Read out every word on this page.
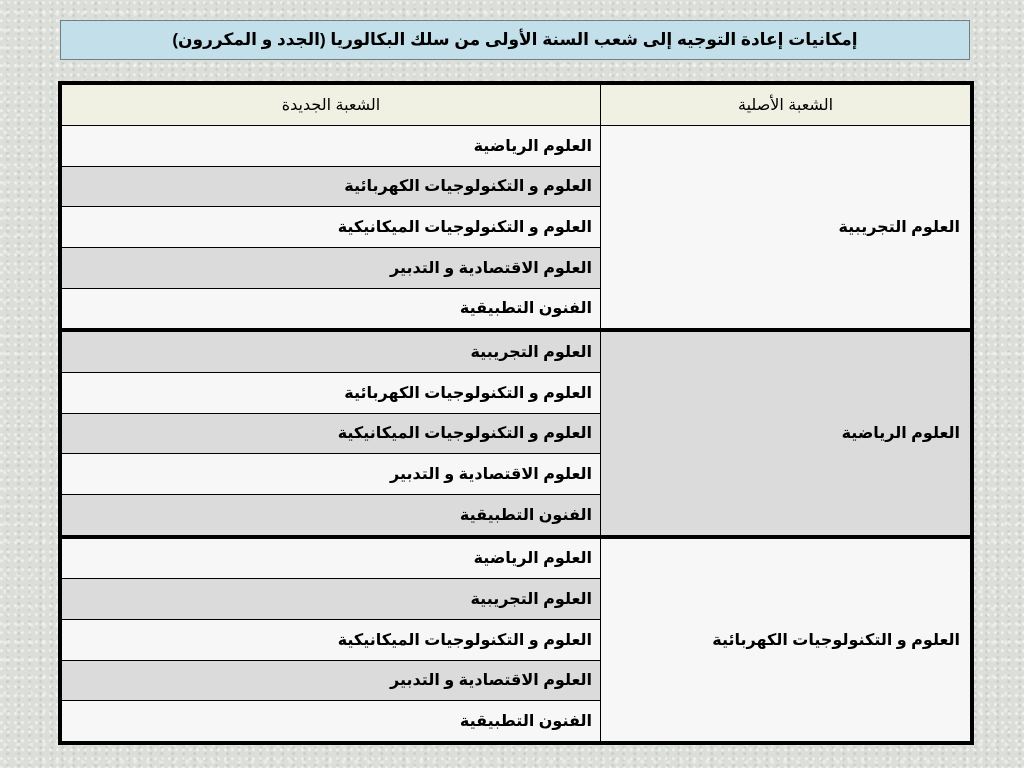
إمكانيات إعادة التوجيه إلى شعب السنة الأولى من سلك البكالوريا (الجدد و المكررون)
الشعبة الأصلية	الشعبة الجديدة
العلوم التجريبية	العلوم الرياضية
	العلوم و التكنولوجيات الكهربائية
	العلوم و التكنولوجيات الميكانيكية
	العلوم الاقتصادية و التدبير
	الفنون التطبيقية
العلوم الرياضية	العلوم التجريبية
	العلوم و التكنولوجيات الكهربائية
	العلوم و التكنولوجيات الميكانيكية
	العلوم الاقتصادية و التدبير
	الفنون التطبيقية
العلوم و التكنولوجيات الكهربائية	العلوم الرياضية
	العلوم التجريبية
	العلوم و التكنولوجيات الميكانيكية
	العلوم الاقتصادية و التدبير
	الفنون التطبيقية
